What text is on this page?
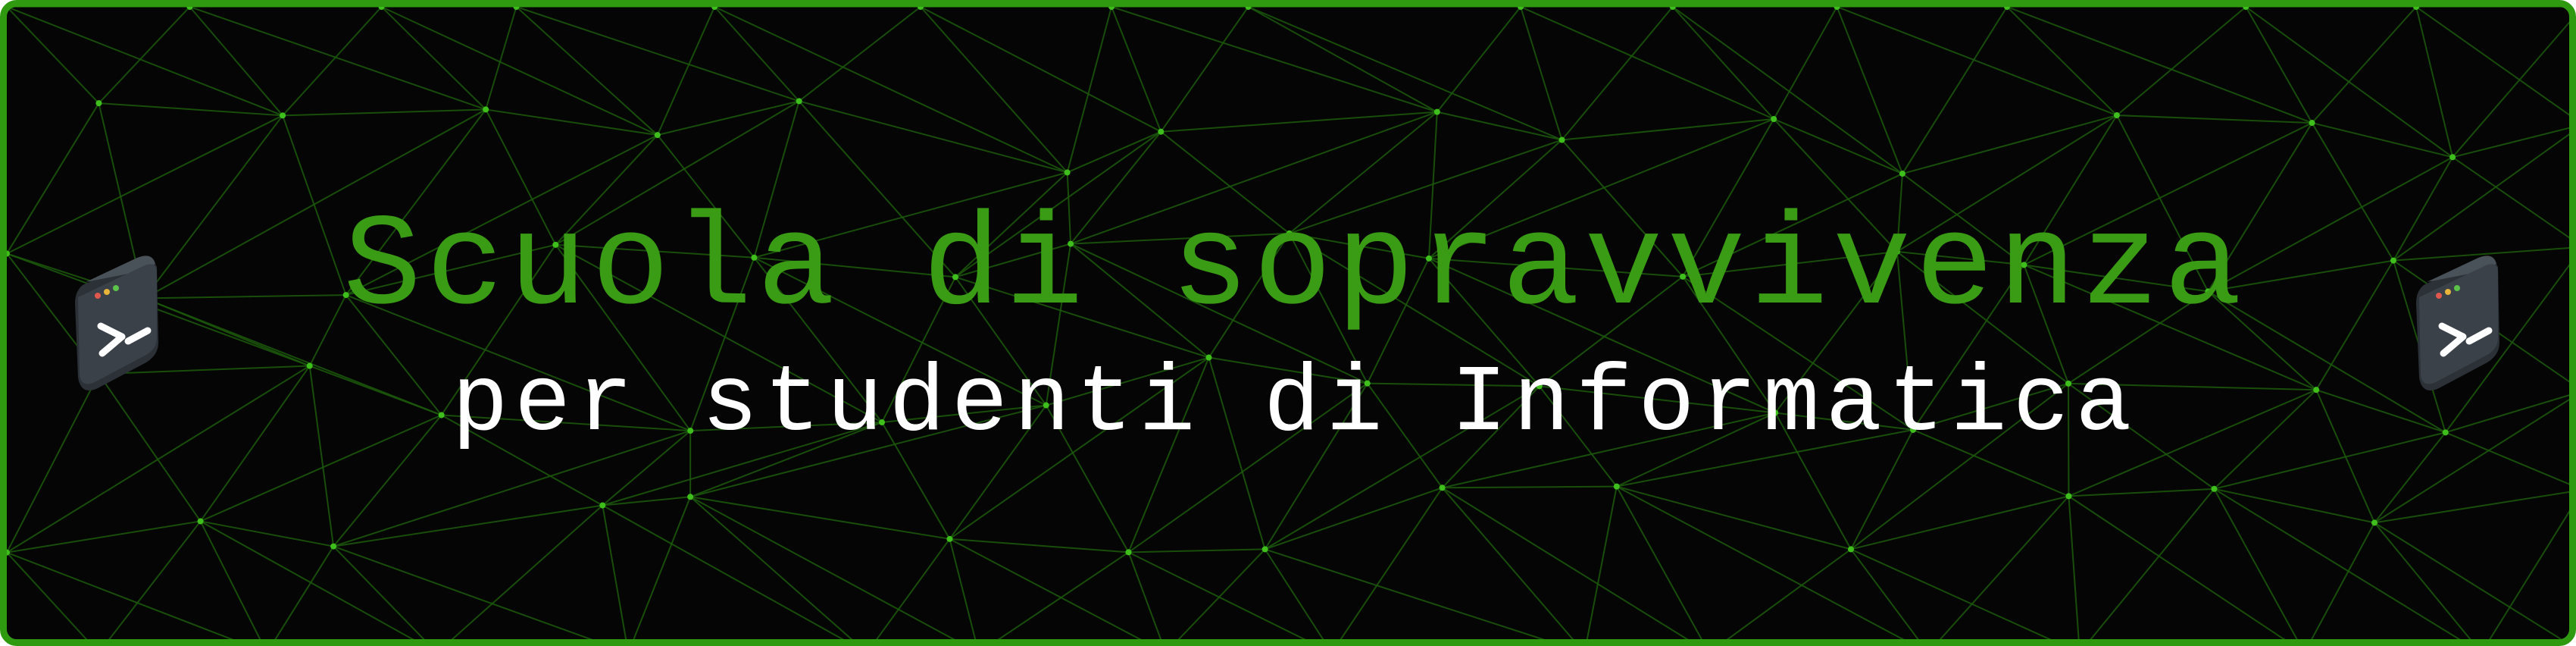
Scuola di sopravvivenza
per studenti di Informatica
